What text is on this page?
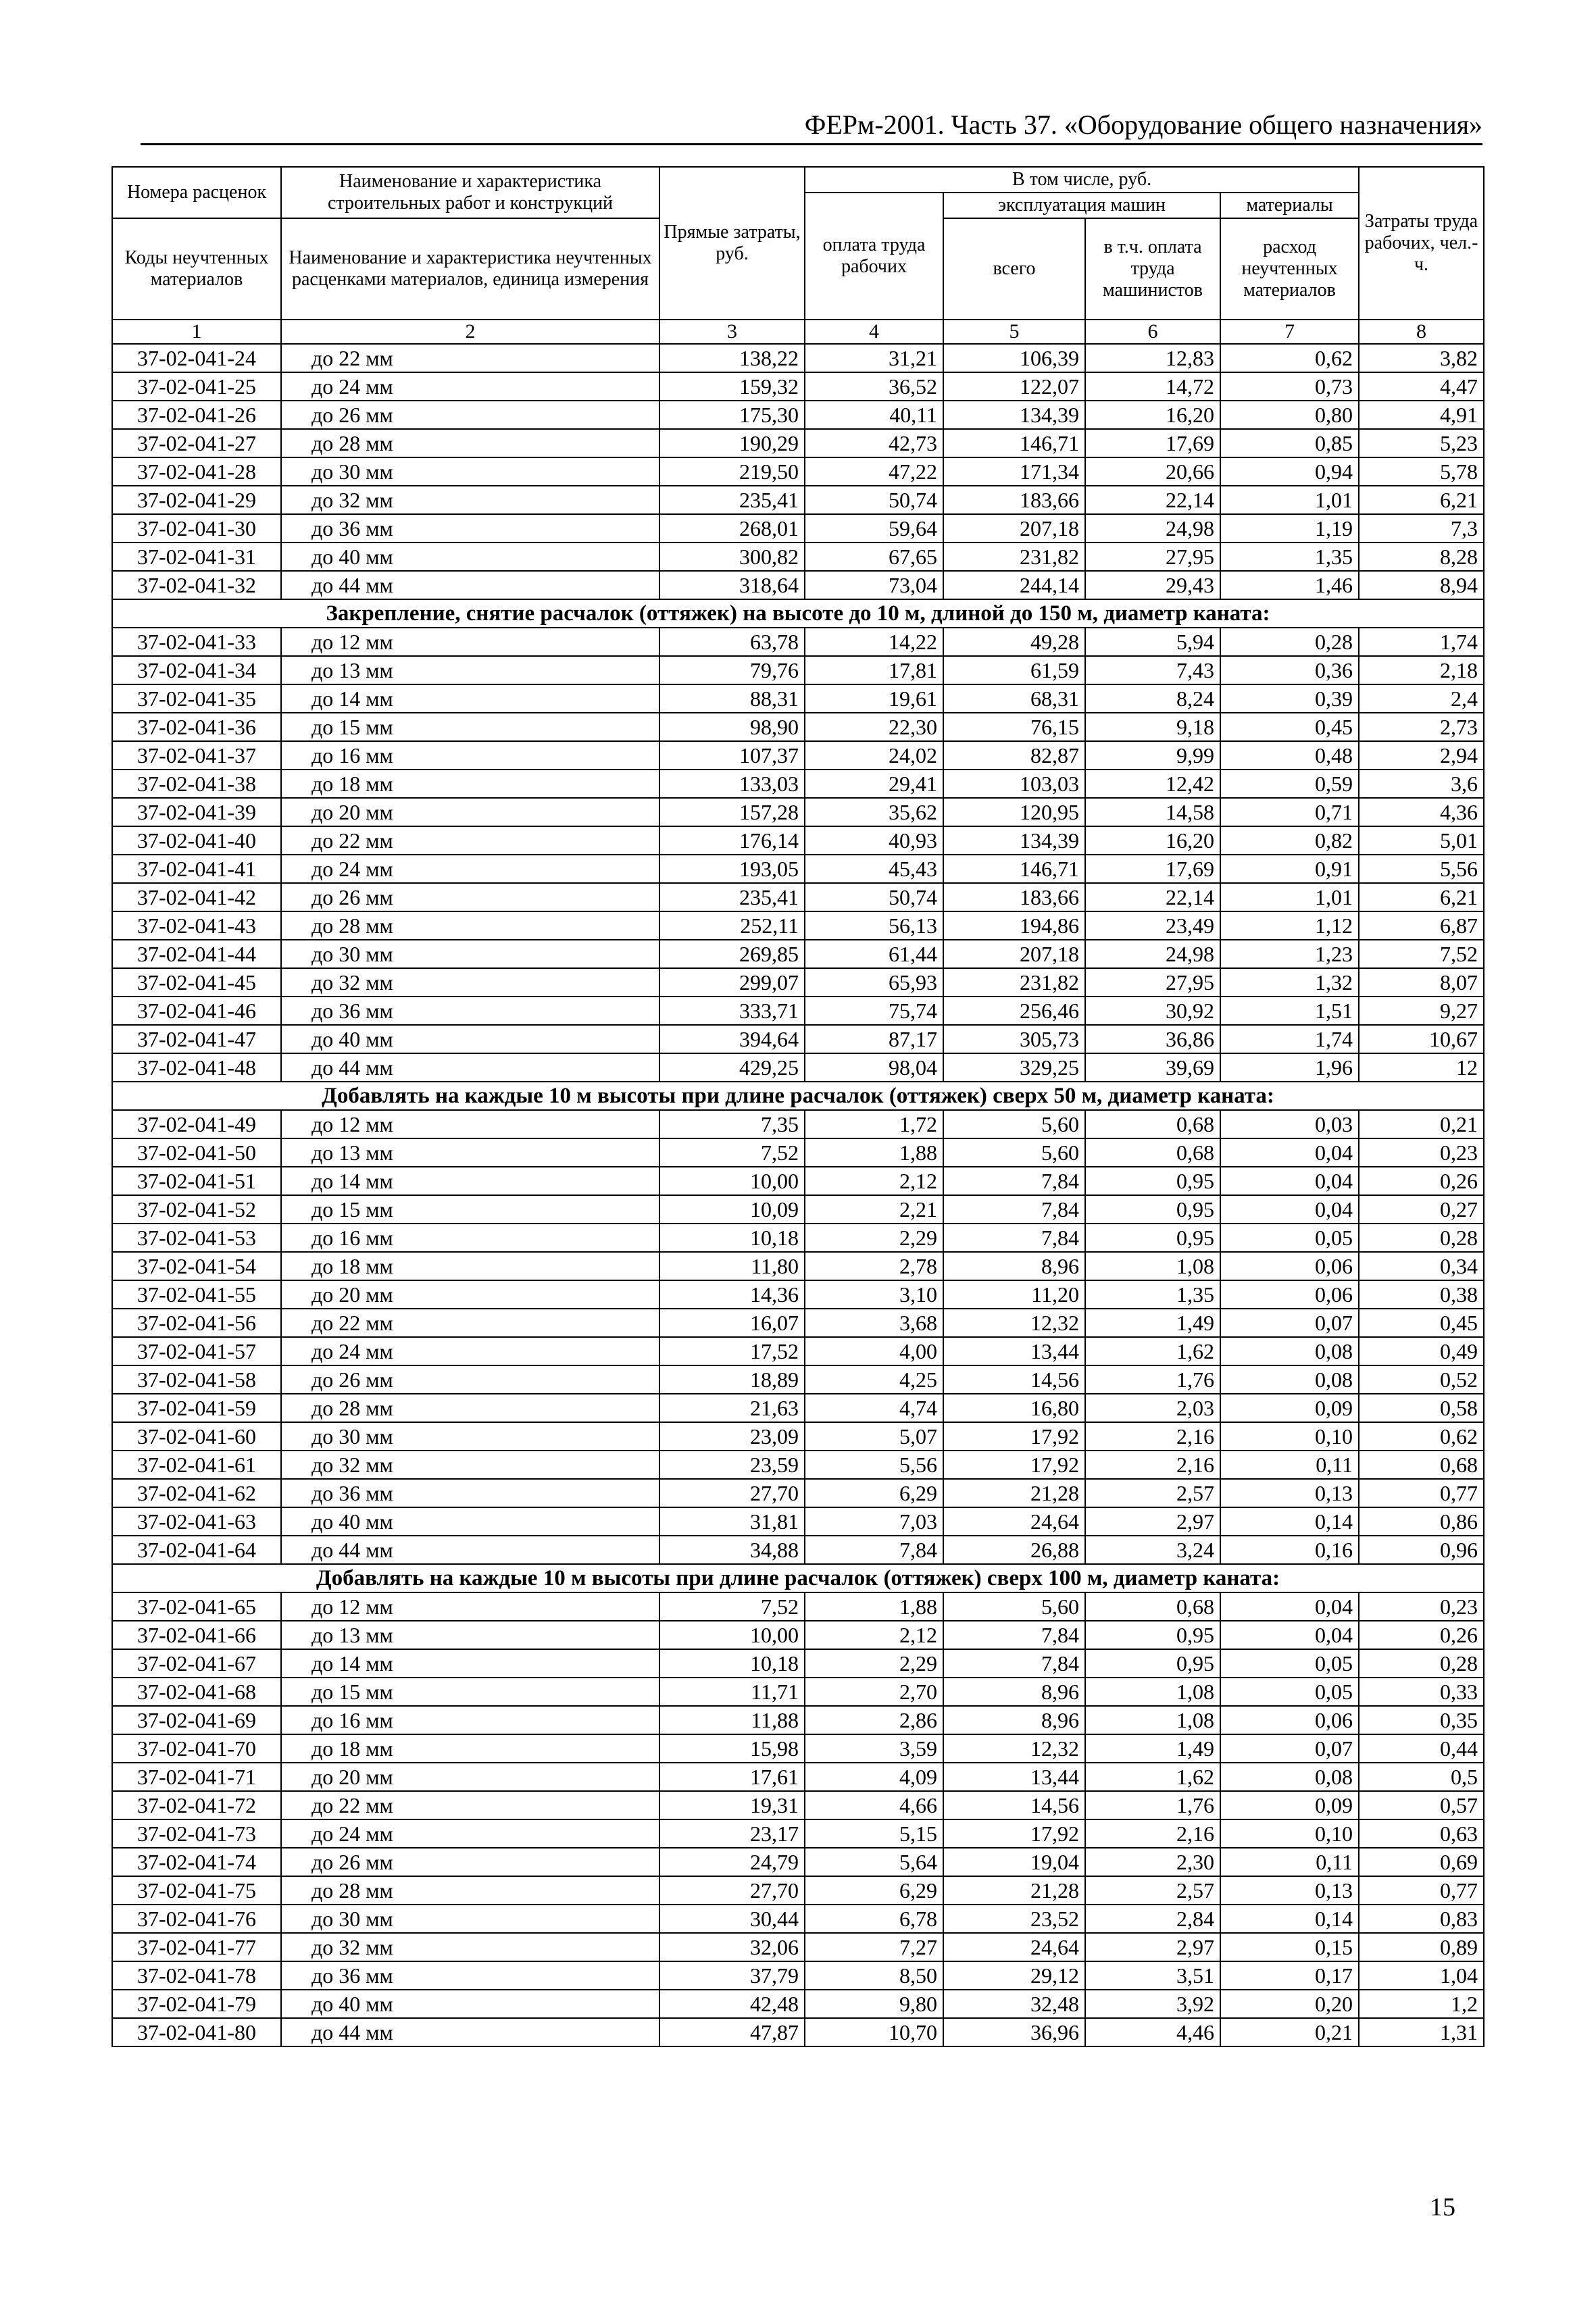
ФЕРм-2001. Часть 37. «Оборудование общего назначения»
Номера расценок	Наименование и характеристика строительных работ и конструкций	Прямые затраты, руб.	В том числе, руб.				Затраты труда рабочих, чел.-ч.
			оплата труда рабочих	эксплуатация машин		материалы	
Коды неучтенных материалов	Наименование и характеристика неучтенных расценками материалов, единица измерения			всего	в т.ч. оплата труда машинистов	расход неучтенных материалов	
1	2	3	4	5	6	7	8
37-02-041-24	до 22 мм	138,22	31,21	106,39	12,83	0,62	3,82
37-02-041-25	до 24 мм	159,32	36,52	122,07	14,72	0,73	4,47
37-02-041-26	до 26 мм	175,30	40,11	134,39	16,20	0,80	4,91
37-02-041-27	до 28 мм	190,29	42,73	146,71	17,69	0,85	5,23
37-02-041-28	до 30 мм	219,50	47,22	171,34	20,66	0,94	5,78
37-02-041-29	до 32 мм	235,41	50,74	183,66	22,14	1,01	6,21
37-02-041-30	до 36 мм	268,01	59,64	207,18	24,98	1,19	7,3
37-02-041-31	до 40 мм	300,82	67,65	231,82	27,95	1,35	8,28
37-02-041-32	до 44 мм	318,64	73,04	244,14	29,43	1,46	8,94
Закрепление, снятие расчалок (оттяжек) на высоте до 10 м, длиной до 150 м, диаметр каната:							
37-02-041-33	до 12 мм	63,78	14,22	49,28	5,94	0,28	1,74
37-02-041-34	до 13 мм	79,76	17,81	61,59	7,43	0,36	2,18
37-02-041-35	до 14 мм	88,31	19,61	68,31	8,24	0,39	2,4
37-02-041-36	до 15 мм	98,90	22,30	76,15	9,18	0,45	2,73
37-02-041-37	до 16 мм	107,37	24,02	82,87	9,99	0,48	2,94
37-02-041-38	до 18 мм	133,03	29,41	103,03	12,42	0,59	3,6
37-02-041-39	до 20 мм	157,28	35,62	120,95	14,58	0,71	4,36
37-02-041-40	до 22 мм	176,14	40,93	134,39	16,20	0,82	5,01
37-02-041-41	до 24 мм	193,05	45,43	146,71	17,69	0,91	5,56
37-02-041-42	до 26 мм	235,41	50,74	183,66	22,14	1,01	6,21
37-02-041-43	до 28 мм	252,11	56,13	194,86	23,49	1,12	6,87
37-02-041-44	до 30 мм	269,85	61,44	207,18	24,98	1,23	7,52
37-02-041-45	до 32 мм	299,07	65,93	231,82	27,95	1,32	8,07
37-02-041-46	до 36 мм	333,71	75,74	256,46	30,92	1,51	9,27
37-02-041-47	до 40 мм	394,64	87,17	305,73	36,86	1,74	10,67
37-02-041-48	до 44 мм	429,25	98,04	329,25	39,69	1,96	12
Добавлять на каждые 10 м высоты при длине расчалок (оттяжек) сверх 50 м, диаметр каната:							
37-02-041-49	до 12 мм	7,35	1,72	5,60	0,68	0,03	0,21
37-02-041-50	до 13 мм	7,52	1,88	5,60	0,68	0,04	0,23
37-02-041-51	до 14 мм	10,00	2,12	7,84	0,95	0,04	0,26
37-02-041-52	до 15 мм	10,09	2,21	7,84	0,95	0,04	0,27
37-02-041-53	до 16 мм	10,18	2,29	7,84	0,95	0,05	0,28
37-02-041-54	до 18 мм	11,80	2,78	8,96	1,08	0,06	0,34
37-02-041-55	до 20 мм	14,36	3,10	11,20	1,35	0,06	0,38
37-02-041-56	до 22 мм	16,07	3,68	12,32	1,49	0,07	0,45
37-02-041-57	до 24 мм	17,52	4,00	13,44	1,62	0,08	0,49
37-02-041-58	до 26 мм	18,89	4,25	14,56	1,76	0,08	0,52
37-02-041-59	до 28 мм	21,63	4,74	16,80	2,03	0,09	0,58
37-02-041-60	до 30 мм	23,09	5,07	17,92	2,16	0,10	0,62
37-02-041-61	до 32 мм	23,59	5,56	17,92	2,16	0,11	0,68
37-02-041-62	до 36 мм	27,70	6,29	21,28	2,57	0,13	0,77
37-02-041-63	до 40 мм	31,81	7,03	24,64	2,97	0,14	0,86
37-02-041-64	до 44 мм	34,88	7,84	26,88	3,24	0,16	0,96
Добавлять на каждые 10 м высоты при длине расчалок (оттяжек) сверх 100 м, диаметр каната:							
37-02-041-65	до 12 мм	7,52	1,88	5,60	0,68	0,04	0,23
37-02-041-66	до 13 мм	10,00	2,12	7,84	0,95	0,04	0,26
37-02-041-67	до 14 мм	10,18	2,29	7,84	0,95	0,05	0,28
37-02-041-68	до 15 мм	11,71	2,70	8,96	1,08	0,05	0,33
37-02-041-69	до 16 мм	11,88	2,86	8,96	1,08	0,06	0,35
37-02-041-70	до 18 мм	15,98	3,59	12,32	1,49	0,07	0,44
37-02-041-71	до 20 мм	17,61	4,09	13,44	1,62	0,08	0,5
37-02-041-72	до 22 мм	19,31	4,66	14,56	1,76	0,09	0,57
37-02-041-73	до 24 мм	23,17	5,15	17,92	2,16	0,10	0,63
37-02-041-74	до 26 мм	24,79	5,64	19,04	2,30	0,11	0,69
37-02-041-75	до 28 мм	27,70	6,29	21,28	2,57	0,13	0,77
37-02-041-76	до 30 мм	30,44	6,78	23,52	2,84	0,14	0,83
37-02-041-77	до 32 мм	32,06	7,27	24,64	2,97	0,15	0,89
37-02-041-78	до 36 мм	37,79	8,50	29,12	3,51	0,17	1,04
37-02-041-79	до 40 мм	42,48	9,80	32,48	3,92	0,20	1,2
37-02-041-80	до 44 мм	47,87	10,70	36,96	4,46	0,21	1,31
15
